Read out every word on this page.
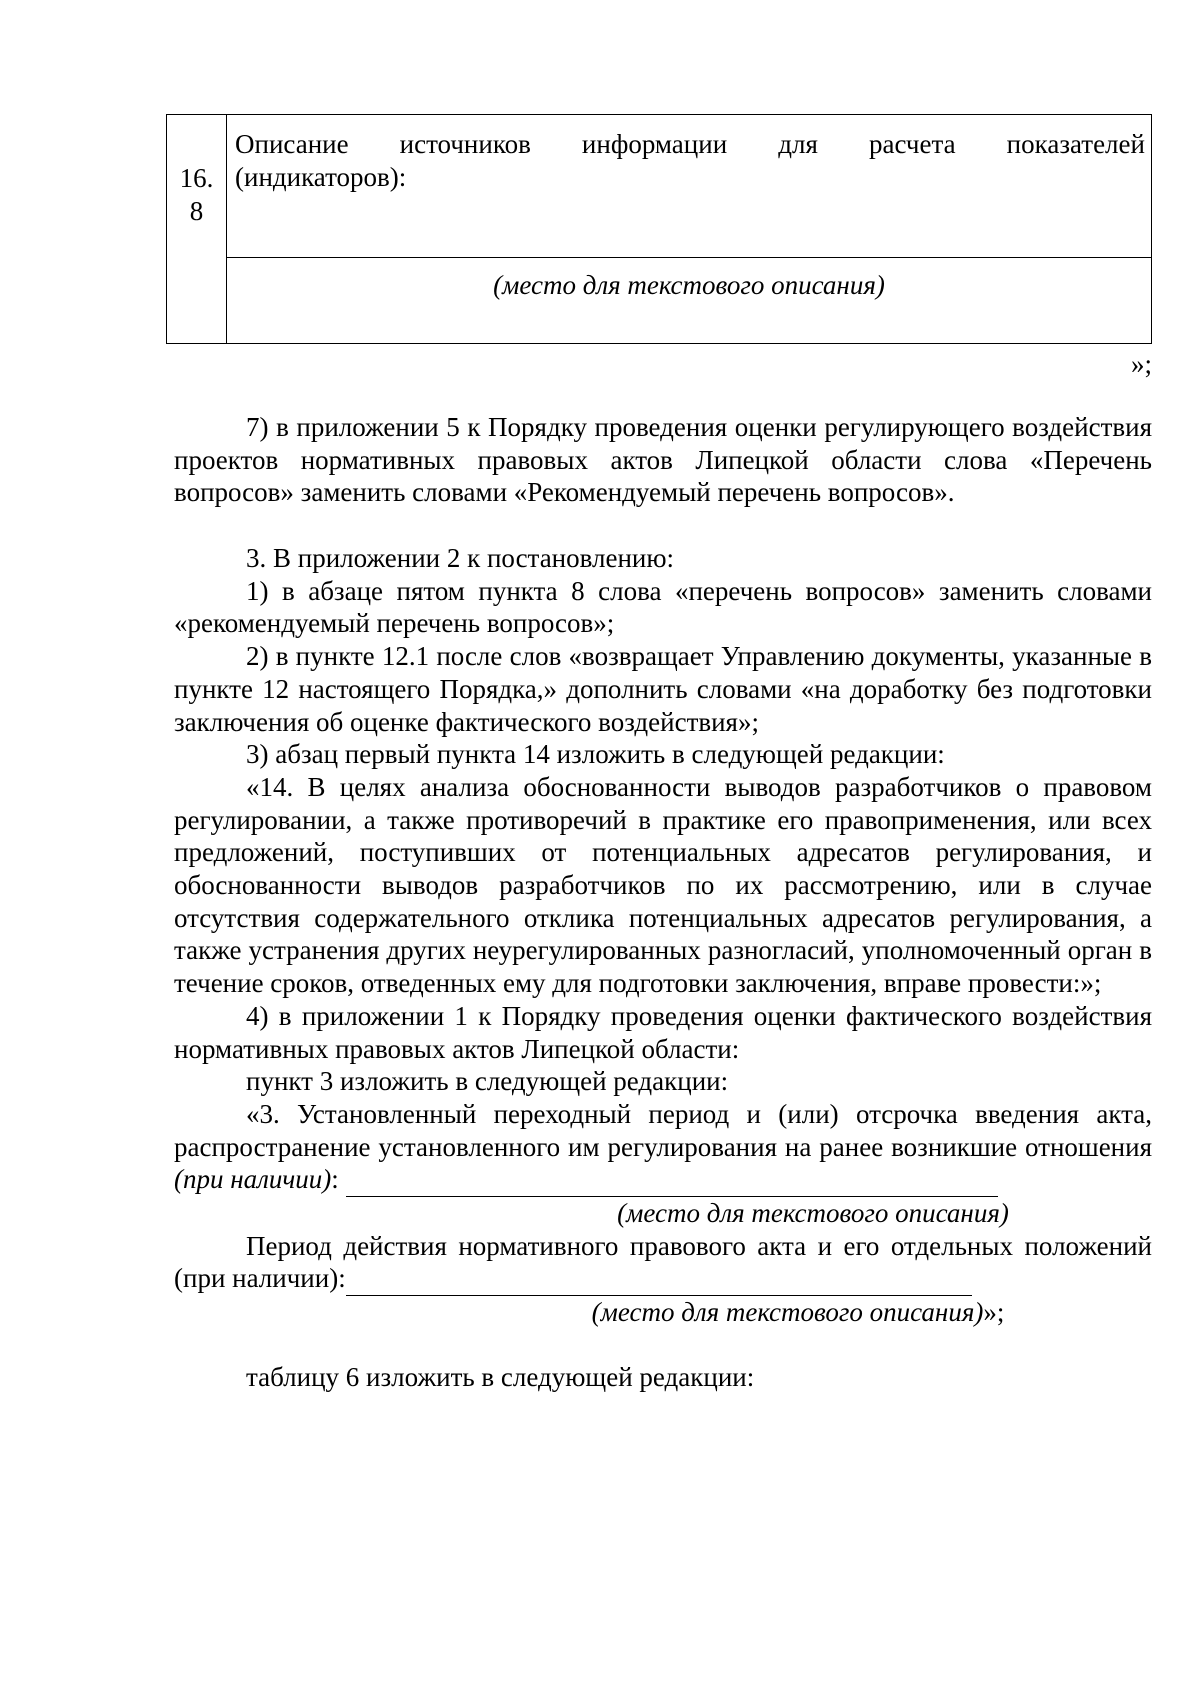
16.
8
Описание источников информации для расчета показателей
(индикаторов):
(место для текстового описания)
»;

7) в приложении 5 к Порядку проведения оценки регулирующего воздействия проектов нормативных правовых актов Липецкой области слова «Перечень вопросов» заменить словами «Рекомендуемый перечень вопросов».

3. В приложении 2 к постановлению:

1) в абзаце пятом пункта 8 слова «перечень вопросов» заменить словами «рекомендуемый перечень вопросов»;

2) в пункте 12.1 после слов «возвращает Управлению документы, указанные в пункте 12 настоящего Порядка,» дополнить словами «на доработку без подготовки заключения об оценке фактического воздействия»;

3) абзац первый пункта 14 изложить в следующей редакции:

«14. В целях анализа обоснованности выводов разработчиков о правовом регулировании, а также противоречий в практике его правоприменения, или всех предложений, поступивших от потенциальных адресатов регулирования, и обоснованности выводов разработчиков по их рассмотрению, или в случае отсутствия содержательного отклика потенциальных адресатов регулирования, а также устранения других неурегулированных разногласий, уполномоченный орган в течение сроков, отведенных ему для подготовки заключения, вправе провести:»;

4) в приложении 1 к Порядку проведения оценки фактического воздействия нормативных правовых актов Липецкой области:

пункт 3 изложить в следующей редакции:

«3. Установленный переходный период и (или) отсрочка введения акта, распространение установленного им регулирования на ранее возникшие отношения (при наличии):

(место для текстового описания)

Период действия нормативного правового акта и его отдельных положений (при наличии):

(место для текстового описания)»;

таблицу 6 изложить в следующей редакции:
